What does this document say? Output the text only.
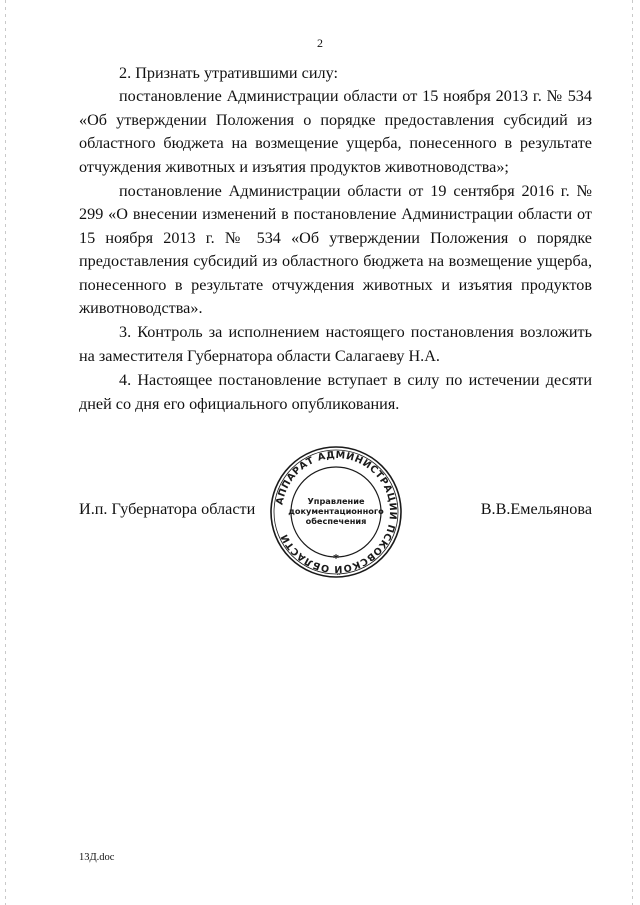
2

2. Признать утратившими силу:

постановление Администрации области от 15 ноября 2013 г. № 534 «Об утверждении Положения о порядке предоставления субсидий из областного бюджета на возмещение ущерба, понесенного в результате отчуждения животных и изъятия продуктов животноводства»;

постановление Администрации области от 19 сентября 2016 г. № 299 «О внесении изменений в постановление Администрации области от 15 ноября 2013 г. № 534 «Об утверждении Положения о порядке предоставления субсидий из областного бюджета на возмещение ущерба, понесенного в результате отчуждения животных и изъятия продуктов животноводства».

3. Контроль за исполнением настоящего постановления возложить на заместителя Губернатора области Салагаеву Н.А.

4. Настоящее постановление вступает в силу по истечении десяти дней со дня его официального опубликования.

И.п. Губернатора области АППАРАТ АДМИНИСТРАЦИИ ПСКОВСКОЙ ОБЛАСТИ
Управление
документационного
обеспечения
*
В.В.Емельянова
13Д.doc
